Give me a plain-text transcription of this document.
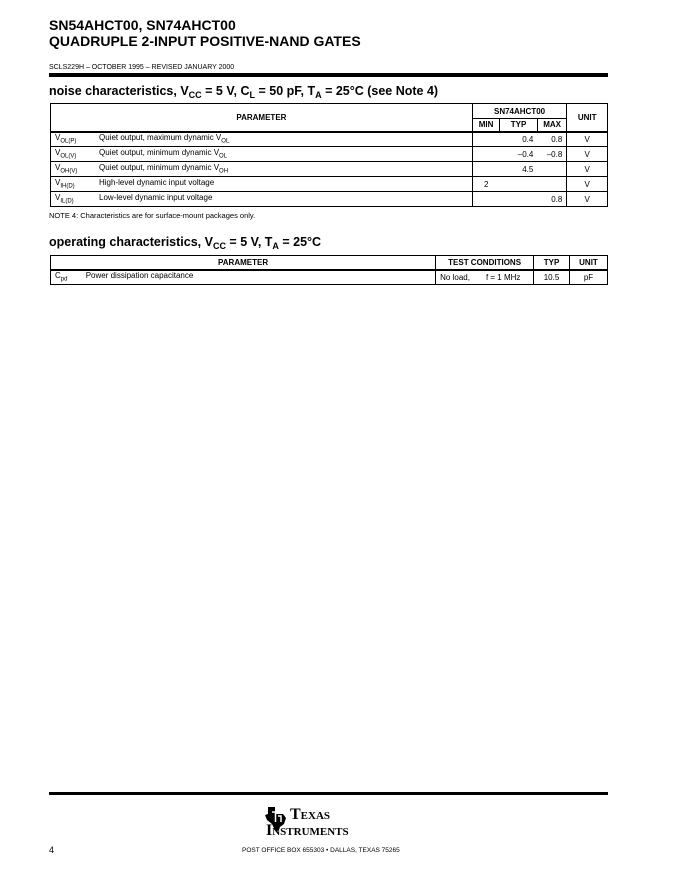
SN54AHCT00, SN74AHCT00
QUADRUPLE 2-INPUT POSITIVE-NAND GATES
SCLS229H – OCTOBER 1995 – REVISED JANUARY 2000
noise characteristics, $V_{CC} = 5$ V, $C_L = 50$ pF, $T_A = 25^\circ C$ (see Note 4)
PARAMETER	SN74AHCT00			UNIT
	MIN	TYP	MAX	
$V_{OL(P)}$ Quiet output, maximum dynamic $V_{OL}$		0.4	0.8	V
$V_{OL(V)}$ Quiet output, minimum dynamic $V_{OL}$		–0.4	–0.8	V
$V_{OH(V)}$ Quiet output, minimum dynamic $V_{OH}$		4.5		V
$V_{IH(D)}$ High-level dynamic input voltage	2			V
$V_{IL(D)}$ Low-level dynamic input voltage			0.8	V
NOTE 4: Characteristics are for surface-mount packages only.
operating characteristics, $V_{CC} = 5$ V, $T_A = 25^\circ C$
PARAMETER	TEST CONDITIONS	TYP	UNIT
$C_{pd}$ Power dissipation capacitance	No load, f = 1 MHz	10.5	pF
Texas
Instruments
4	POST OFFICE BOX 655303 • DALLAS, TEXAS 75265
